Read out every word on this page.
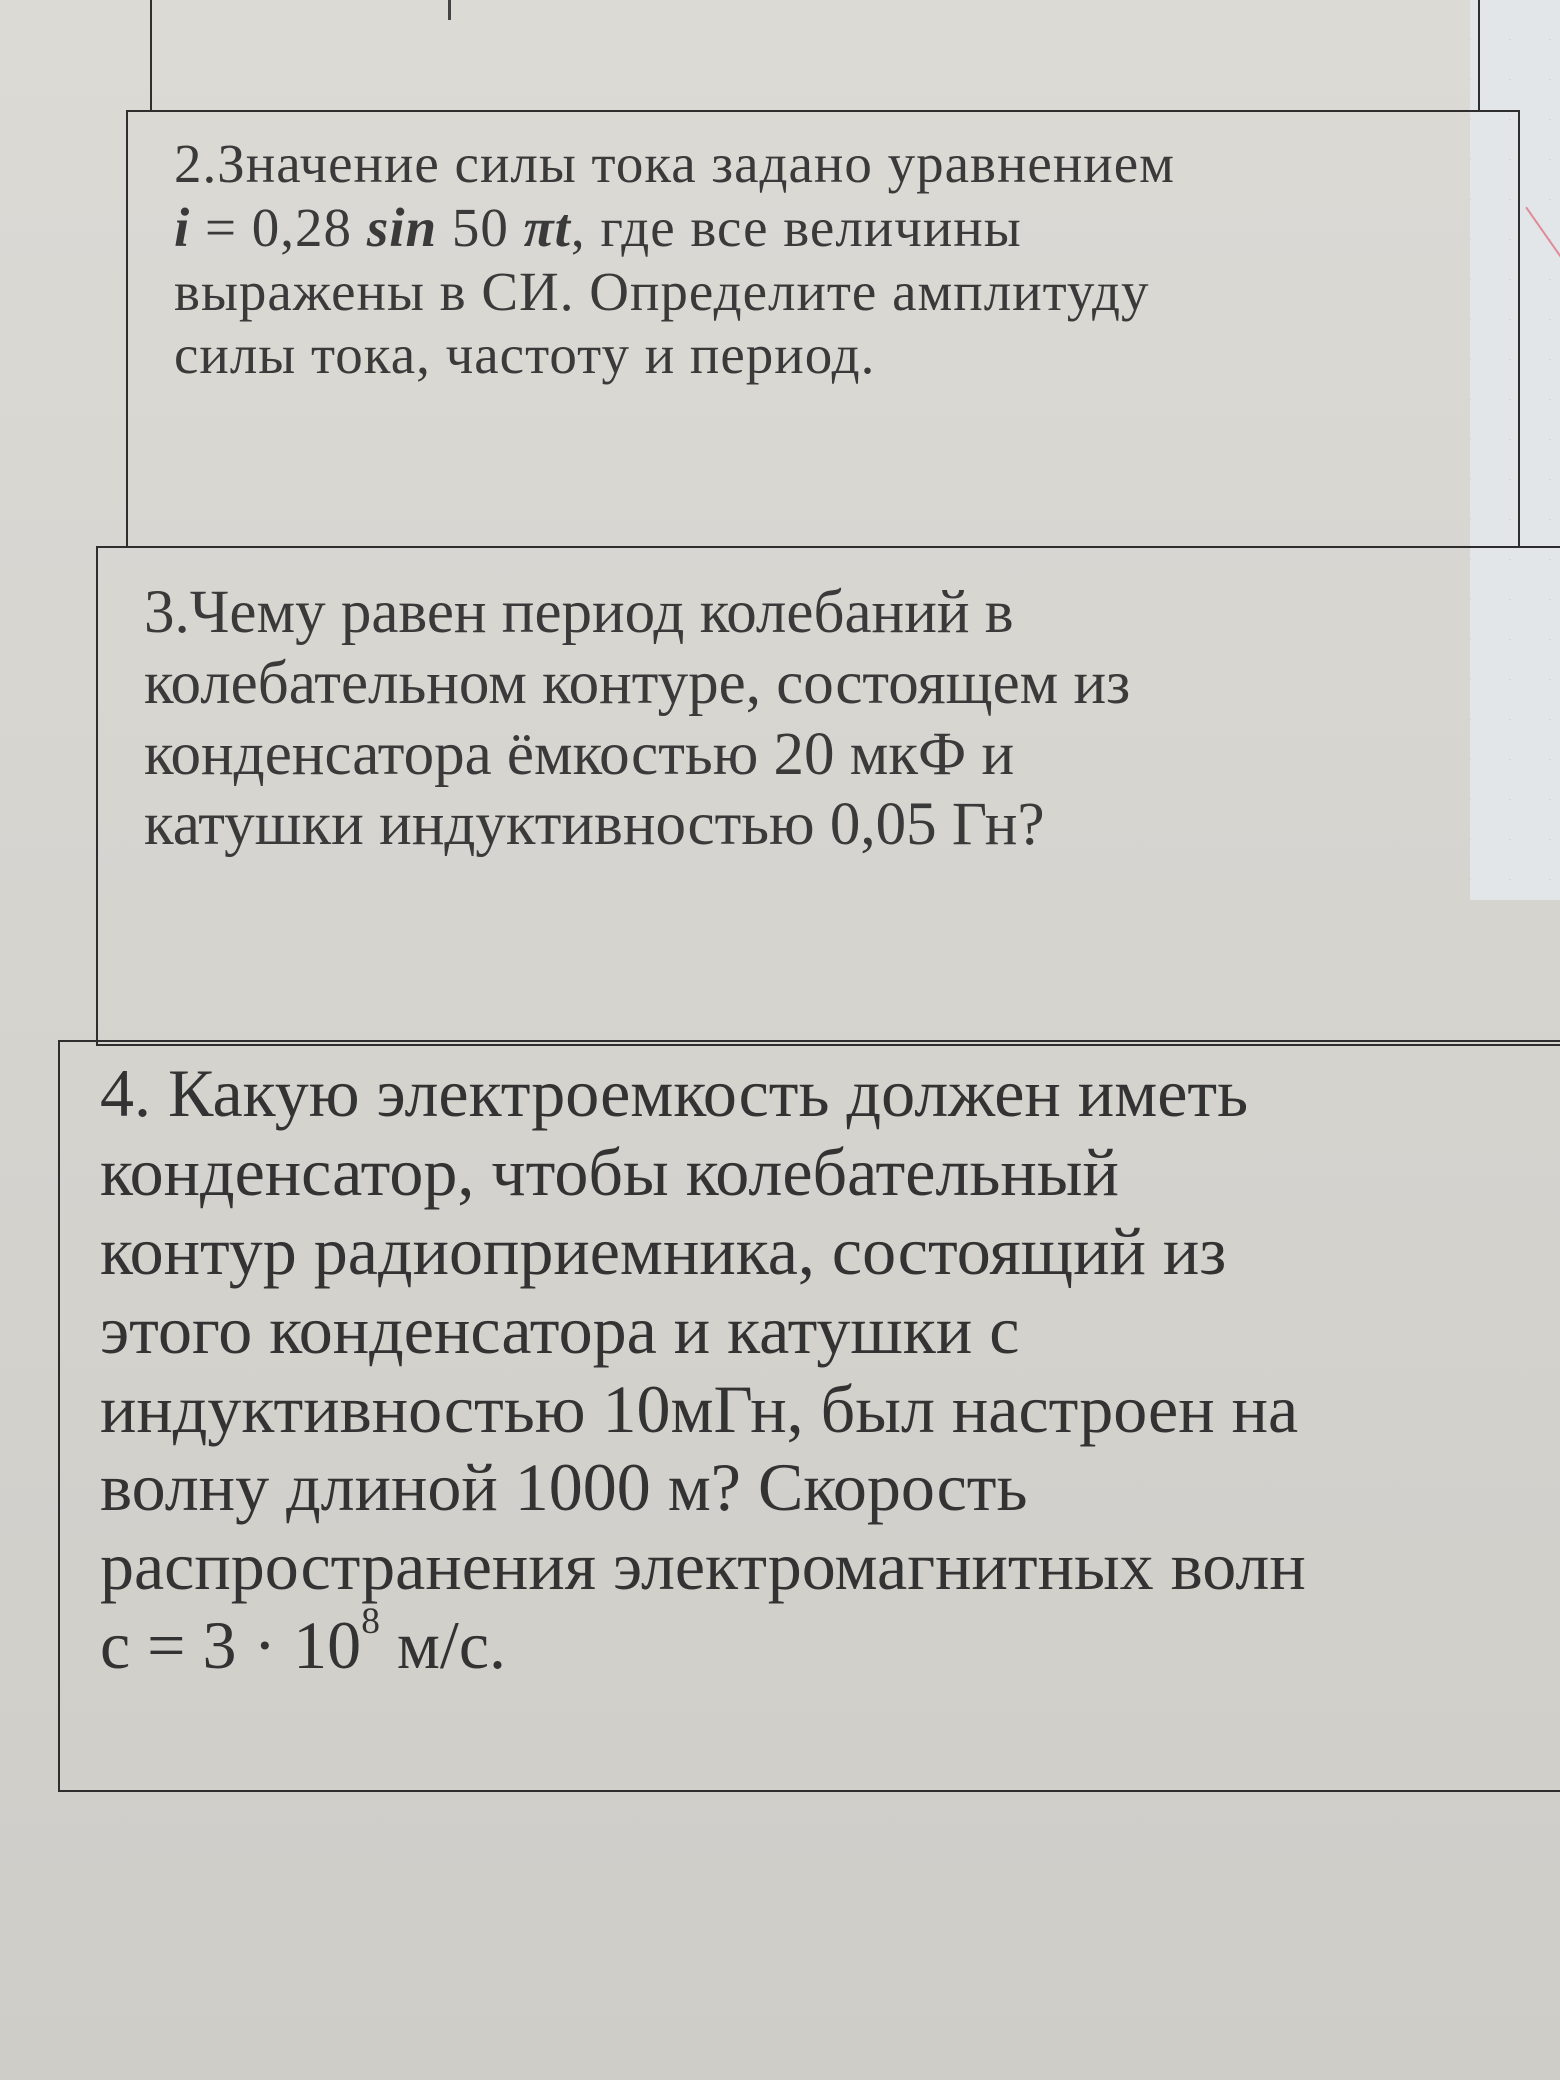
2.Значение силы тока задано уравнением

i = 0,28 sin 50 πt, где все величины

выражены в СИ. Определите амплитуду

силы тока, частоту и период.

3.Чему равен период колебаний в

колебательном контуре, состоящем из

конденсатора ёмкостью 20 мкФ и

катушки индуктивностью 0,05 Гн?

4. Какую электроемкость должен иметь

конденсатор, чтобы колебательный

контур радиоприемника, состоящий из

этого конденсатора и катушки с

индуктивностью 10мГн, был настроен на

волну длиной 1000 м? Скорость

распространения электромагнитных волн

$с = 3 \cdot 10^8$ м/с.
